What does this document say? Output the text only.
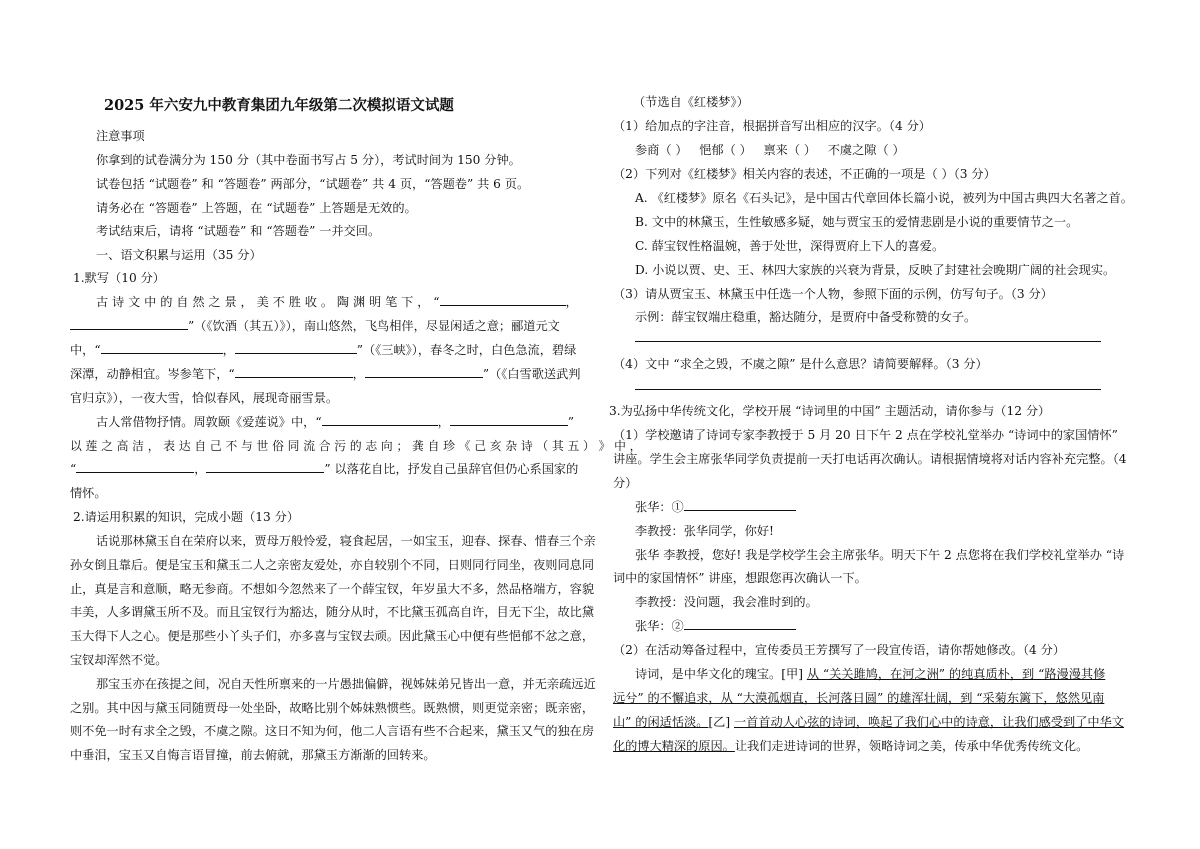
2025 年六安九中教育集团九年级第二次模拟语文试题
注意事项
你拿到的试卷满分为 150 分（其中卷面书写占 5 分），考试时间为 150 分钟。
试卷包括 “试题卷” 和 “答题卷” 两部分，“试题卷” 共 4 页，“答题卷” 共 6 页。
请务必在 “答题卷” 上答题，在 “试题卷” 上答题是无效的。
考试结束后，请将 “试题卷” 和 “答题卷” 一并交回。
一、语文积累与运用（35 分）
1.默写（10 分）
古 诗 文 中 的 自 然 之 景 ， 美 不 胜 收 。 陶 渊 明 笔 下 ， “	，
”（《饮酒（其五）》），南山悠然，飞鸟相伴，尽显闲适之意；郦道元文
中，“	，	”（《三峡》），春冬之时，白色急流，碧绿
深潭，动静相宜。岑参笔下，“	，	”（《白雪歌送武判
官归京》），一夜大雪，恰似春风，展现奇丽雪景。
古人常借物抒情。周敦颐《爱莲说》中，“	，	”
以 莲 之 高 洁 ， 表 达 自 己 不 与 世 俗 同 流 合 污 的 志 向 ； 龚 自 珍 《 己 亥 杂 诗 （ 其 五 ） 》 中 ，
“	，	” 以落花自比，抒发自己虽辞官但仍心系国家的
情怀。
2.请运用积累的知识，完成小题（13 分）
话说那林黛玉自在荣府以来，贾母万般怜爱，寝食起居，一如宝玉，迎春、探春、惜春三个亲
孙女倒且靠后。便是宝玉和黛玉二人之亲密友爱处，亦自较别个不同，日则同行同坐，夜则同息同
止，真是言和意顺，略无参商。不想如今忽然来了一个薛宝钗，年岁虽大不多，然品格端方，容貌
丰美，人多谓黛玉所不及。而且宝钗行为豁达，随分从时，不比黛玉孤高自许，目无下尘，故比黛
玉大得下人之心。便是那些小丫头子们，亦多喜与宝钗去顽。因此黛玉心中便有些悒郁不忿之意，
宝钗却浑然不觉。
那宝玉亦在孩提之间，况自天性所禀来的一片愚拙偏僻，视姊妹弟兄皆出一意，并无亲疏远近
之别。其中因与黛玉同随贾母一处坐卧，故略比别个姊妹熟惯些。既熟惯，则更觉亲密；既亲密，
则不免一时有求全之毁，不虞之隙。这日不知为何，他二人言语有些不合起来，黛玉又气的独在房
中垂泪，宝玉又自悔言语冒撞，前去俯就，那黛玉方渐渐的回转来。
（节选自《红楼梦》）
（1）给加点的字注音，根据拼音写出相应的汉字。（4 分）
参商（ ） 悒郁（ ） 禀来（ ） 不虞之隙（ ）
（2）下列对《红楼梦》相关内容的表述，不正确的一项是（ ）（3 分）
A. 《红楼梦》原名《石头记》，是中国古代章回体长篇小说，被列为中国古典四大名著之首。
B. 文中的林黛玉，生性敏感多疑，她与贾宝玉的爱情悲剧是小说的重要情节之一。
C. 薛宝钗性格温婉，善于处世，深得贾府上下人的喜爱。
D. 小说以贾、史、王、林四大家族的兴衰为背景，反映了封建社会晚期广阔的社会现实。
（3）请从贾宝玉、林黛玉中任选一个人物，参照下面的示例，仿写句子。（3 分）
示例：薛宝钗端庄稳重，豁达随分，是贾府中备受称赞的女子。
（4）文中 “求全之毁，不虞之隙” 是什么意思？请简要解释。（3 分）
3.为弘扬中华传统文化，学校开展 “诗词里的中国” 主题活动，请你参与（12 分）
（1）学校邀请了诗词专家李教授于 5 月 20 日下午 2 点在学校礼堂举办 “诗词中的家国情怀”
讲座。学生会主席张华同学负责提前一天打电话再次确认。请根据情境将对话内容补充完整。（4
分）
张华：①
李教授：张华同学，你好!
张华 李教授，您好! 我是学校学生会主席张华。明天下午 2 点您将在我们学校礼堂举办 “诗
词中的家国情怀” 讲座，想跟您再次确认一下。
李教授：没问题，我会准时到的。
张华：②
（2）在活动筹备过程中，宣传委员王芳撰写了一段宣传语，请你帮她修改。（4 分）
诗词，是中华文化的瑰宝。[甲] 从 “关关雎鸠，在河之洲” 的纯真质朴，到 “路漫漫其修
远兮” 的不懈追求，从 “大漠孤烟直，长河落日圆” 的雄浑壮阔，到 “采菊东篱下，悠然见南
山” 的闲适恬淡。[乙] 一首首动人心弦的诗词，唤起了我们心中的诗意，让我们感受到了中华文
化的博大精深的原因。让我们走进诗词的世界，领略诗词之美，传承中华优秀传统文化。
